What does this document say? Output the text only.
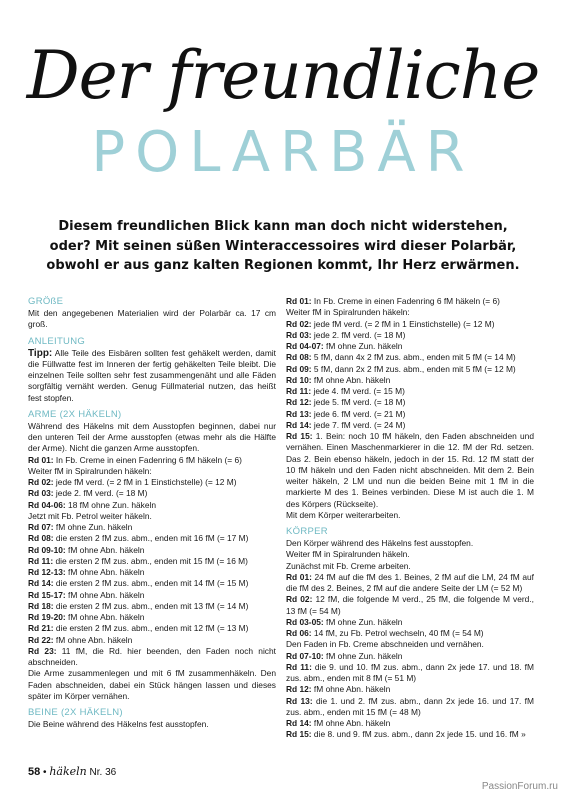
Der freundliche
POLARBÄR
Diesem freundlichen Blick kann man doch nicht widerstehen, oder? Mit seinen süßen Winteraccessoires wird dieser Polarbär, obwohl er aus ganz kalten Regionen kommt, Ihr Herz erwärmen.

GRÖßE

Mit den angegebenen Materialien wird der Polarbär ca. 17 cm groß.

ANLEITUNG

Tipp: Alle Teile des Eisbären sollten fest gehäkelt werden, damit die Füllwatte fest im Inneren der fertig gehäkelten Teile bleibt. Die einzelnen Teile sollten sehr fest zusammengenäht und alle Fäden sorgfältig vernäht werden. Genug Füllmaterial nutzen, das heißt fest stopfen.

ARME (2X HÄKELN)

Während des Häkelns mit dem Ausstopfen beginnen, dabei nur den unteren Teil der Arme ausstopfen (etwas mehr als die Hälfte der Arme). Nicht die ganzen Arme ausstopfen.

Rd 01: In Fb. Creme in einen Fadenring 6 fM häkeln (= 6)

Weiter fM in Spiralrunden häkeln:

Rd 02: jede fM verd. (= 2 fM in 1 Einstichstelle) (= 12 M)

Rd 03: jede 2. fM verd. (= 18 M)

Rd 04-06: 18 fM ohne Zun. häkeln

Jetzt mit Fb. Petrol weiter häkeln.

Rd 07: fM ohne Zun. häkeln

Rd 08: die ersten 2 fM zus. abm., enden mit 16 fM (= 17 M)

Rd 09-10: fM ohne Abn. häkeln

Rd 11: die ersten 2 fM zus. abm., enden mit 15 fM (= 16 M)

Rd 12-13: fM ohne Abn. häkeln

Rd 14: die ersten 2 fM zus. abm., enden mit 14 fM (= 15 M)

Rd 15-17: fM ohne Abn. häkeln

Rd 18: die ersten 2 fM zus. abm., enden mit 13 fM (= 14 M)

Rd 19-20: fM ohne Abn. häkeln

Rd 21: die ersten 2 fM zus. abm., enden mit 12 fM (= 13 M)

Rd 22: fM ohne Abn. häkeln

Rd 23: 11 fM, die Rd. hier beenden, den Faden noch nicht abschneiden.

Die Arme zusammenlegen und mit 6 fM zusammenhäkeln. Den Faden abschneiden, dabei ein Stück hängen lassen und dieses später im Körper vernähen.

BEINE (2X HÄKELN)

Die Beine während des Häkelns fest ausstopfen.

Rd 01: In Fb. Creme in einen Fadenring 6 fM häkeln (= 6)

Weiter fM in Spiralrunden häkeln:

Rd 02: jede fM verd. (= 2 fM in 1 Einstichstelle) (= 12 M)

Rd 03: jede 2. fM verd. (= 18 M)

Rd 04-07: fM ohne Zun. häkeln

Rd 08: 5 fM, dann 4x 2 fM zus. abm., enden mit 5 fM (= 14 M)

Rd 09: 5 fM, dann 2x 2 fM zus. abm., enden mit 5 fM (= 12 M)

Rd 10: fM ohne Abn. häkeln

Rd 11: jede 4. fM verd. (= 15 M)

Rd 12: jede 5. fM verd. (= 18 M)

Rd 13: jede 6. fM verd. (= 21 M)

Rd 14: jede 7. fM verd. (= 24 M)

Rd 15: 1. Bein: noch 10 fM häkeln, den Faden abschneiden und vernähen. Einen Maschenmarkierer in die 12. fM der Rd. setzen. Das 2. Bein ebenso häkeln, jedoch in der 15. Rd. 12 fM statt der 10 fM häkeln und den Faden nicht abschneiden. Mit dem 2. Bein weiter häkeln, 2 LM und nun die beiden Beine mit 1 fM in die markierte M des 1. Beines verbinden. Diese M ist auch die 1. M des Körpers (Rückseite).

Mit dem Körper weiterarbeiten.

KÖRPER

Den Körper während des Häkelns fest ausstopfen.

Weiter fM in Spiralrunden häkeln.

Zunächst mit Fb. Creme arbeiten.

Rd 01: 24 fM auf die fM des 1. Beines, 2 fM auf die LM, 24 fM auf die fM des 2. Beines, 2 fM auf die andere Seite der LM (= 52 M)

Rd 02: 12 fM, die folgende M verd., 25 fM, die folgende M verd., 13 fM (= 54 M)

Rd 03-05: fM ohne Zun. häkeln

Rd 06: 14 fM, zu Fb. Petrol wechseln, 40 fM (= 54 M)

Den Faden in Fb. Creme abschneiden und vernähen.

Rd 07-10: fM ohne Zun. häkeln

Rd 11: die 9. und 10. fM zus. abm., dann 2x jede 17. und 18. fM zus. abm., enden mit 8 fM (= 51 M)

Rd 12: fM ohne Abn. häkeln

Rd 13: die 1. und 2. fM zus. abm., dann 2x jede 16. und 17. fM zus. abm., enden mit 15 fM (= 48 M)

Rd 14: fM ohne Abn. häkeln

Rd 15: die 8. und 9. fM zus. abm., dann 2x jede 15. und 16. fM »

58 • häkeln Nr. 36
PassionForum.ru
